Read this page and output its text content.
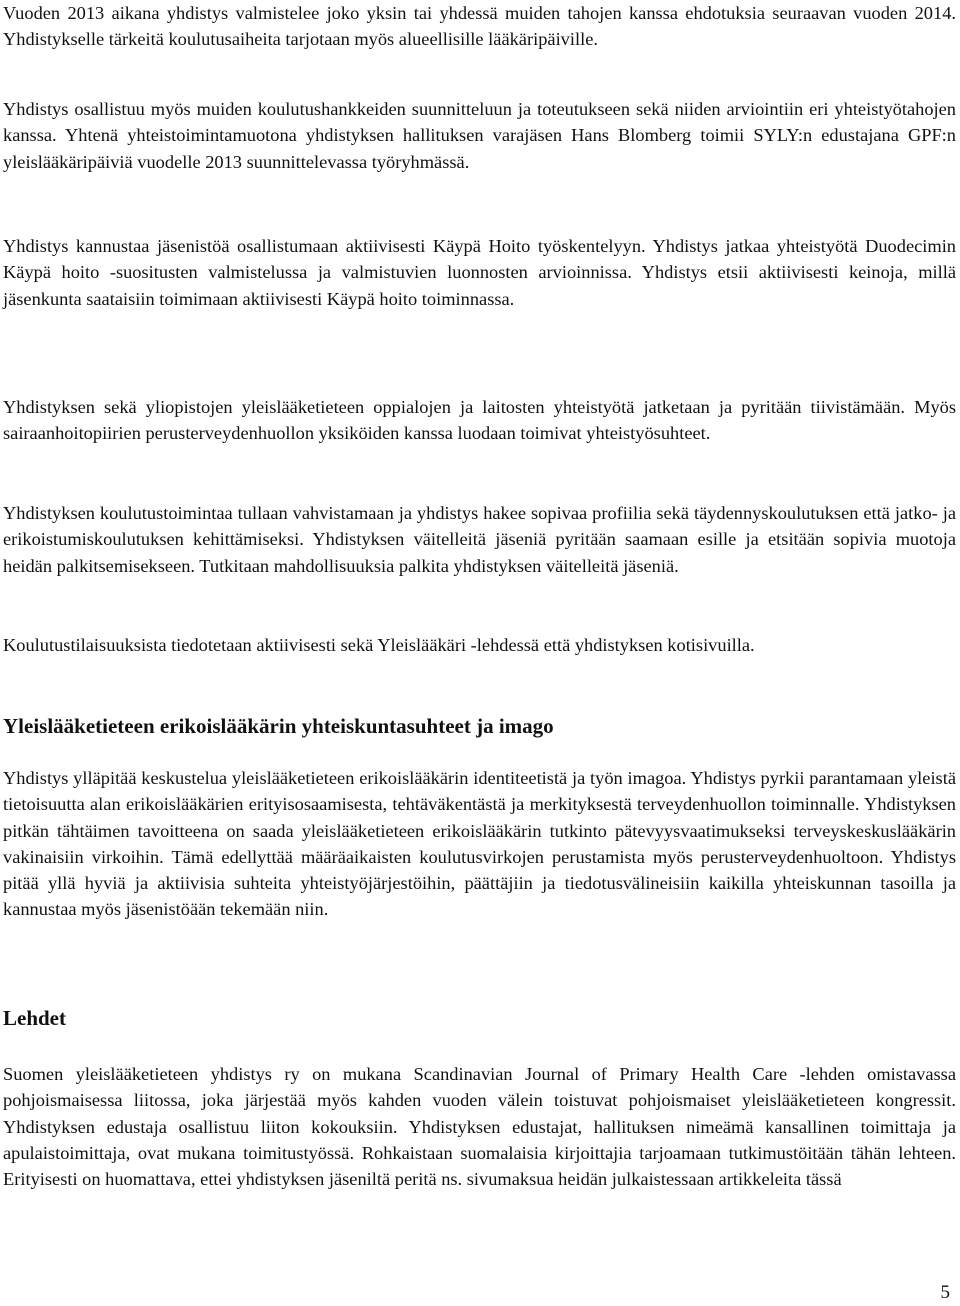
Vuoden 2013 aikana yhdistys valmistelee joko yksin tai yhdessä muiden tahojen kanssa ehdotuksia seuraavan vuoden 2014. Yhdistykselle tärkeitä koulutusaiheita tarjotaan myös alueellisille lääkäripäiville.

Yhdistys osallistuu myös muiden koulutushankkeiden suunnitteluun ja toteutukseen sekä niiden arviointiin eri yhteistyötahojen kanssa. Yhtenä yhteistoimintamuotona yhdistyksen hallituksen varajäsen Hans Blomberg toimii SYLY:n edustajana GPF:n yleislääkäripäiviä vuodelle 2013 suunnittelevassa työryhmässä.

Yhdistys kannustaa jäsenistöä osallistumaan aktiivisesti Käypä Hoito työskentelyyn. Yhdistys jatkaa yhteistyötä Duodecimin Käypä hoito -suositusten valmistelussa ja valmistuvien luonnosten arvioinnissa. Yhdistys etsii aktiivisesti keinoja, millä jäsenkunta saataisiin toimimaan aktiivisesti Käypä hoito toiminnassa.

Yhdistyksen sekä yliopistojen yleislääketieteen oppialojen ja laitosten yhteistyötä jatketaan ja pyritään tiivistämään. Myös sairaanhoitopiirien perusterveydenhuollon yksiköiden kanssa luodaan toimivat yhteistyösuhteet.

Yhdistyksen koulutustoimintaa tullaan vahvistamaan ja yhdistys hakee sopivaa profiilia sekä täydennyskoulutuksen että jatko- ja erikoistumiskoulutuksen kehittämiseksi. Yhdistyksen väitelleitä jäseniä pyritään saamaan esille ja etsitään sopivia muotoja heidän palkitsemisekseen. Tutkitaan mahdollisuuksia palkita yhdistyksen väitelleitä jäseniä.

Koulutustilaisuuksista tiedotetaan aktiivisesti sekä Yleislääkäri -lehdessä että yhdistyksen kotisivuilla.

Yleislääketieteen erikoislääkärin yhteiskuntasuhteet ja imago

Yhdistys ylläpitää keskustelua yleislääketieteen erikoislääkärin identiteetistä ja työn imagoa. Yhdistys pyrkii parantamaan yleistä tietoisuutta alan erikoislääkärien erityisosaamisesta, tehtäväkentästä ja merkityksestä terveydenhuollon toiminnalle. Yhdistyksen pitkän tähtäimen tavoitteena on saada yleislääketieteen erikoislääkärin tutkinto pätevyysvaatimukseksi terveyskeskuslääkärin vakinaisiin virkoihin. Tämä edellyttää määräaikaisten koulutusvirkojen perustamista myös perusterveydenhuoltoon. Yhdistys pitää yllä hyviä ja aktiivisia suhteita yhteistyöjärjestöihin, päättäjiin ja tiedotusvälineisiin kaikilla yhteiskunnan tasoilla ja kannustaa myös jäsenistöään tekemään niin.

Lehdet

Suomen yleislääketieteen yhdistys ry on mukana Scandinavian Journal of Primary Health Care -lehden omistavassa pohjoismaisessa liitossa, joka järjestää myös kahden vuoden välein toistuvat pohjoismaiset yleislääketieteen kongressit. Yhdistyksen edustaja osallistuu liiton kokouksiin. Yhdistyksen edustajat, hallituksen nimeämä kansallinen toimittaja ja apulaistoimittaja, ovat mukana toimitustyössä. Rohkaistaan suomalaisia kirjoittajia tarjoamaan tutkimustöitään tähän lehteen. Erityisesti on huomattava, ettei yhdistyksen jäseniltä peritä ns. sivumaksua heidän julkaistessaan artikkeleita tässä

5
